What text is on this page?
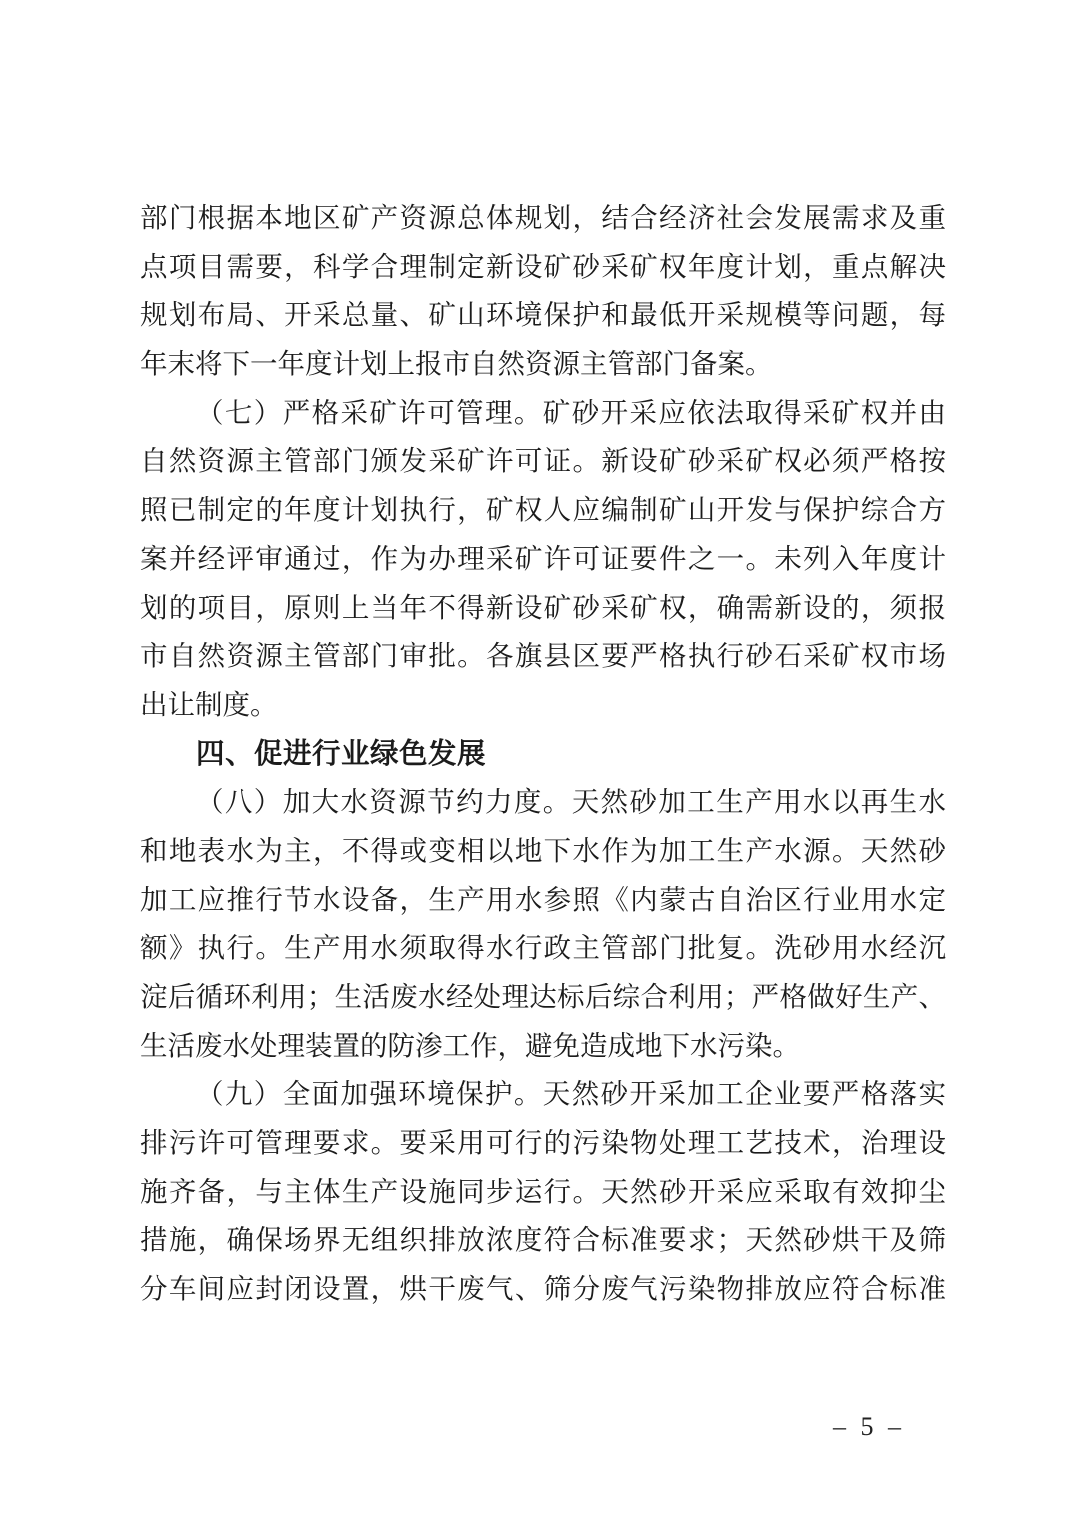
部门根据本地区矿产资源总体规划，结合经济社会发展需求及重
点项目需要，科学合理制定新设矿砂采矿权年度计划，重点解决
规划布局、开采总量、矿山环境保护和最低开采规模等问题，每
年末将下一年度计划上报市自然资源主管部门备案。
（七）严格采矿许可管理。矿砂开采应依法取得采矿权并由
自然资源主管部门颁发采矿许可证。新设矿砂采矿权必须严格按
照已制定的年度计划执行，矿权人应编制矿山开发与保护综合方
案并经评审通过，作为办理采矿许可证要件之一。未列入年度计
划的项目，原则上当年不得新设矿砂采矿权，确需新设的，须报
市自然资源主管部门审批。各旗县区要严格执行砂石采矿权市场
出让制度。
四、促进行业绿色发展
（八）加大水资源节约力度。天然砂加工生产用水以再生水
和地表水为主，不得或变相以地下水作为加工生产水源。天然砂
加工应推行节水设备，生产用水参照《内蒙古自治区行业用水定
额》执行。生产用水须取得水行政主管部门批复。洗砂用水经沉
淀后循环利用；生活废水经处理达标后综合利用；严格做好生产、
生活废水处理装置的防渗工作，避免造成地下水污染。
（九）全面加强环境保护。天然砂开采加工企业要严格落实
排污许可管理要求。要采用可行的污染物处理工艺技术，治理设
施齐备，与主体生产设施同步运行。天然砂开采应采取有效抑尘
措施，确保场界无组织排放浓度符合标准要求；天然砂烘干及筛
分车间应封闭设置，烘干废气、筛分废气污染物排放应符合标准
– 5 –
